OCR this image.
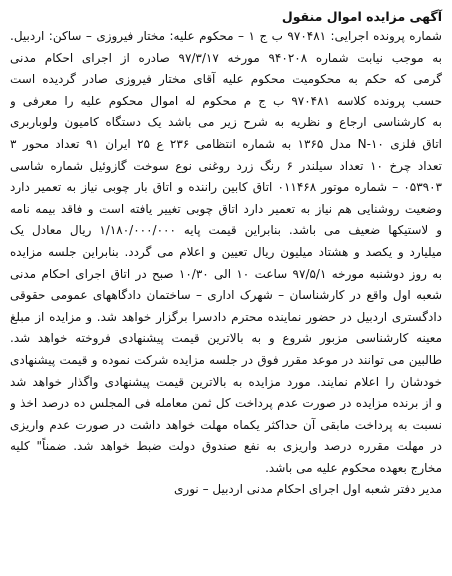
آگهی مزایده اموال منقول
شماره پرونده اجرایی: ۹۷۰۴۸۱ ب ج ۱ – محکوم علیه: مختار فیروزی – ساکن: اردبیل.
به موجب نیابت شماره ۹۴۰۲۰۸ مورخه ۹۷/۳/۱۷ صادره از اجرای احکام مدنی
گرمی که حکم به محکومیت محکوم علیه آقای مختار فیروزی صادر گردیده است
حسب پرونده کلاسه ۹۷۰۴۸۱ ب ج م محکوم له اموال محکوم علیه را معرفی و
به کارشناسی ارجاع و نظریه به شرح زیر می باشد یک دستگاه کامیون ولوباربری
اتاق فلزی ۱۰-N مدل ۱۳۶۵ به شماره انتظامی ۲۳۶ ع ۲۵ ایران ۹۱ تعداد محور ۳
تعداد چرخ ۱۰ تعداد سیلندر ۶ رنگ زرد روغنی نوع سوخت گازوئیل شماره شاسی
۰۵۳۹۰۳ – شماره موتور ۰۱۱۴۶۸ اتاق کابین راننده و اتاق بار چوبی نیاز به تعمیر دارد
وضعیت روشنایی هم نیاز به تعمیر دارد اتاق چوبی تغییر یافته است و فاقد بیمه نامه
و لاستیکها ضعیف می باشد. بنابراین قیمت پایه ۱/۱۸۰/۰۰۰/۰۰۰ ریال معادل یک
میلیارد و یکصد و هشتاد میلیون ریال تعیین و اعلام می گردد. بنابراین جلسه مزایده
به روز دوشنبه مورخه ۹۷/۵/۱ ساعت ۱۰ الی ۱۰/۳۰ صبح در اتاق اجرای احکام مدنی
شعبه اول واقع در کارشناسان – شهرک اداری – ساختمان دادگاههای عمومی حقوقی
دادگستری اردبیل در حضور نماینده محترم دادسرا برگزار خواهد شد. و مزایده از مبلغ
معینه کارشناسی مزبور شروع و به بالاترین قیمت پیشنهادی فروخته خواهد شد.
طالبین می توانند در موعد مقرر فوق در جلسه مزایده شرکت نموده و قیمت پیشنهادی
خودشان را اعلام نمایند. مورد مزایده به بالاترین قیمت پیشنهادی واگذار خواهد شد
و از برنده مزایده در صورت عدم پرداخت کل ثمن معامله فی المجلس ده درصد اخذ و
نسبت به پرداخت مابقی آن حداکثر یکماه مهلت خواهد داشت در صورت عدم واریزی
در مهلت مقرره درصد واریزی به نفع صندوق دولت ضبط خواهد شد. ضمناً" کلیه
مخارج بعهده محکوم علیه می باشد.
مدیر دفتر شعبه اول اجرای احکام مدنی اردبیل – نوری
